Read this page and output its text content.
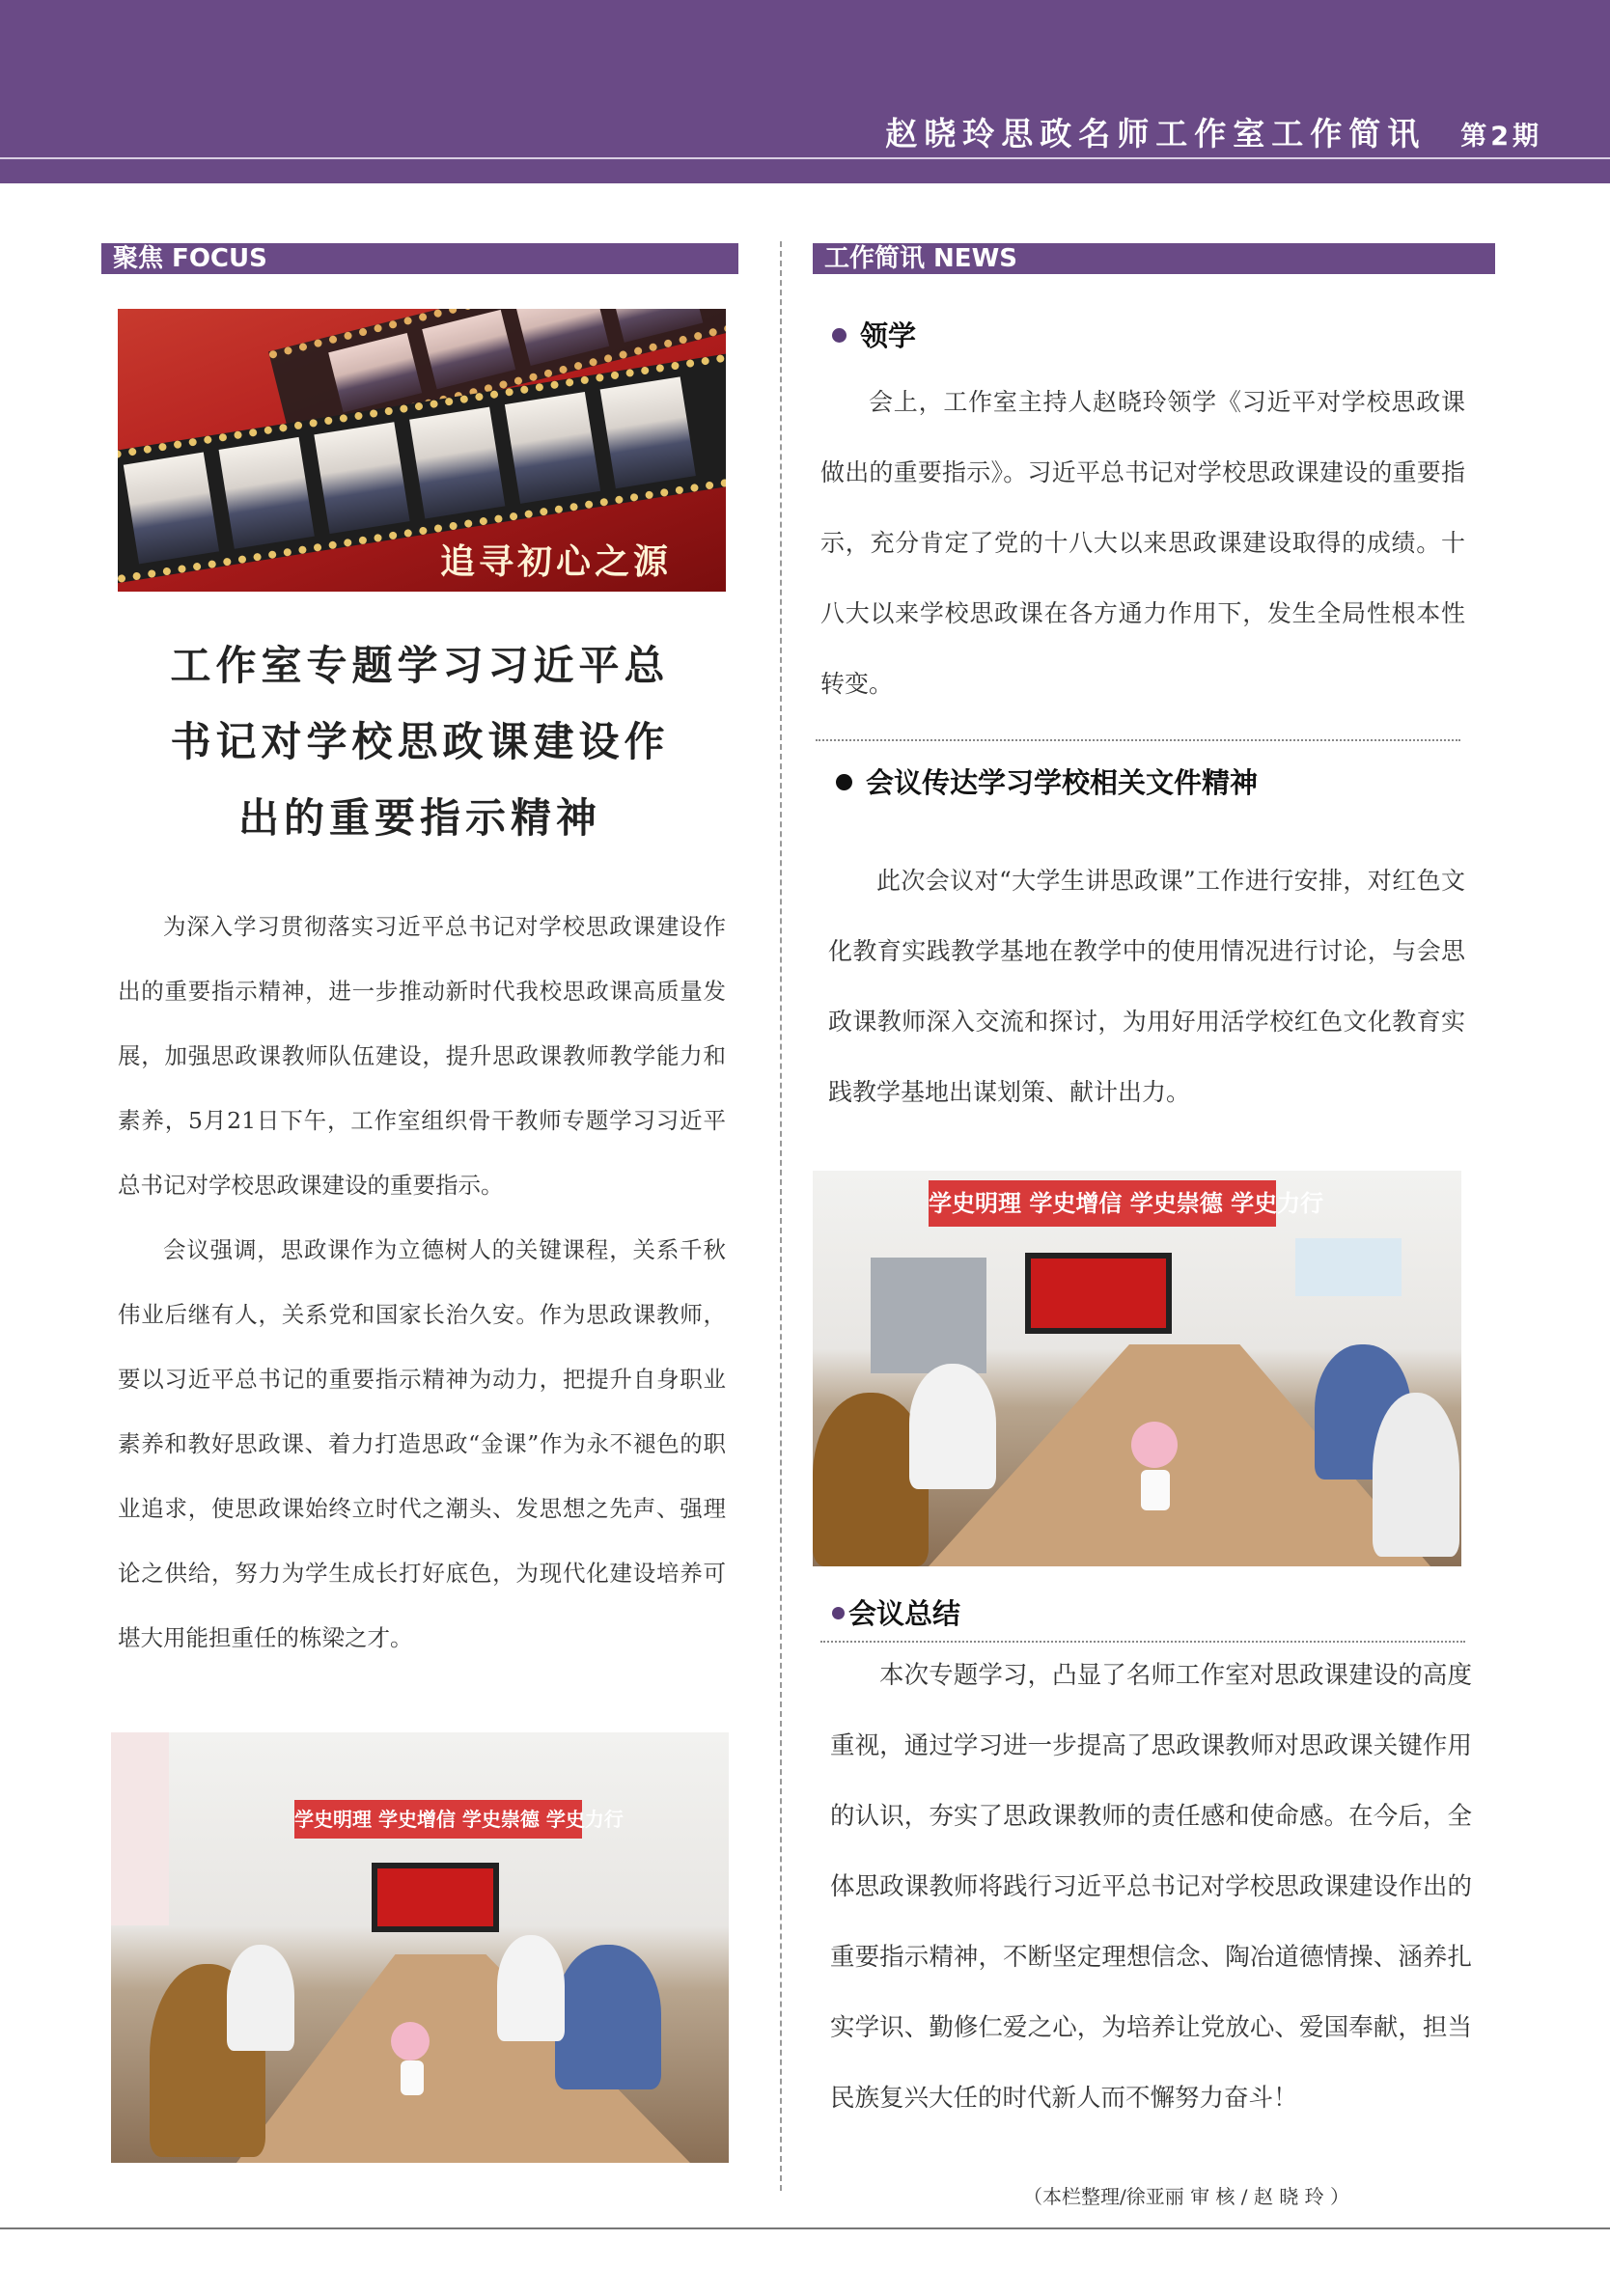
赵晓玲思政名师工作室工作简讯 第2期
聚焦 FOCUS	工作简讯 NEWS
追寻初心之源
工作室专题学习习近平总
书记对学校思政课建设作
出的重要指示精神
为深入学习贯彻落实习近平总书记对学校思政课建设作出的重要指示精神，进一步推动新时代我校思政课高质量发展，加强思政课教师队伍建设，提升思政课教师教学能力和素养，5月21日下午，工作室组织骨干教师专题学习习近平总书记对学校思政课建设的重要指示。
会议强调，思政课作为立德树人的关键课程，关系千秋伟业后继有人，关系党和国家长治久安。作为思政课教师，要以习近平总书记的重要指示精神为动力，把提升自身职业素养和教好思政课、着力打造思政“金课”作为永不褪色的职业追求，使思政课始终立时代之潮头、发思想之先声、强理论之供给，努力为学生成长打好底色，为现代化建设培养可堪大用能担重任的栋梁之才。
学史明理 学史增信 学史崇德 学史力行
领学
会上，工作室主持人赵晓玲领学《习近平对学校思政课做出的重要指示》。习近平总书记对学校思政课建设的重要指示，充分肯定了党的十八大以来思政课建设取得的成绩。十八大以来学校思政课在各方通力作用下，发生全局性根本性转变。
会议传达学习学校相关文件精神
此次会议对“大学生讲思政课”工作进行安排，对红色文化教育实践教学基地在教学中的使用情况进行讨论，与会思政课教师深入交流和探讨，为用好用活学校红色文化教育实践教学基地出谋划策、献计出力。
学史明理 学史增信 学史崇德 学史力行
会议总结
本次专题学习，凸显了名师工作室对思政课建设的高度重视，通过学习进一步提高了思政课教师对思政课关键作用的认识，夯实了思政课教师的责任感和使命感。在今后，全体思政课教师将践行习近平总书记对学校思政课建设作出的重要指示精神，不断坚定理想信念、陶冶道德情操、涵养扎实学识、勤修仁爱之心，为培养让党放心、爱国奉献，担当民族复兴大任的时代新人而不懈努力奋斗！
（本栏整理/徐亚丽 审 核 / 赵 晓 玲 ）
